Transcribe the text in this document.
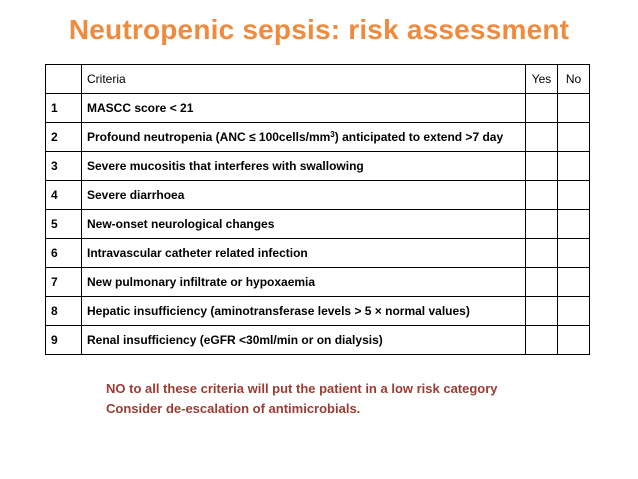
Neutropenic sepsis: risk assessment
	Criteria	Yes	No
1	MASCC score < 21		
2	Profound neutropenia $(ANC \le 100cells/mm^3)$ anticipated to extend >7 day		
3	Severe mucositis that interferes with swallowing		
4	Severe diarrhoea		
5	New-onset neurological changes		
6	Intravascular catheter related infection		
7	New pulmonary infiltrate or hypoxaemia		
8	Hepatic insufficiency (aminotransferase levels > 5 × normal values)		
9	Renal insufficiency (eGFR <30ml/min or on dialysis)		
NO to all these criteria will put the patient in a low risk category
Consider de-escalation of antimicrobials.
